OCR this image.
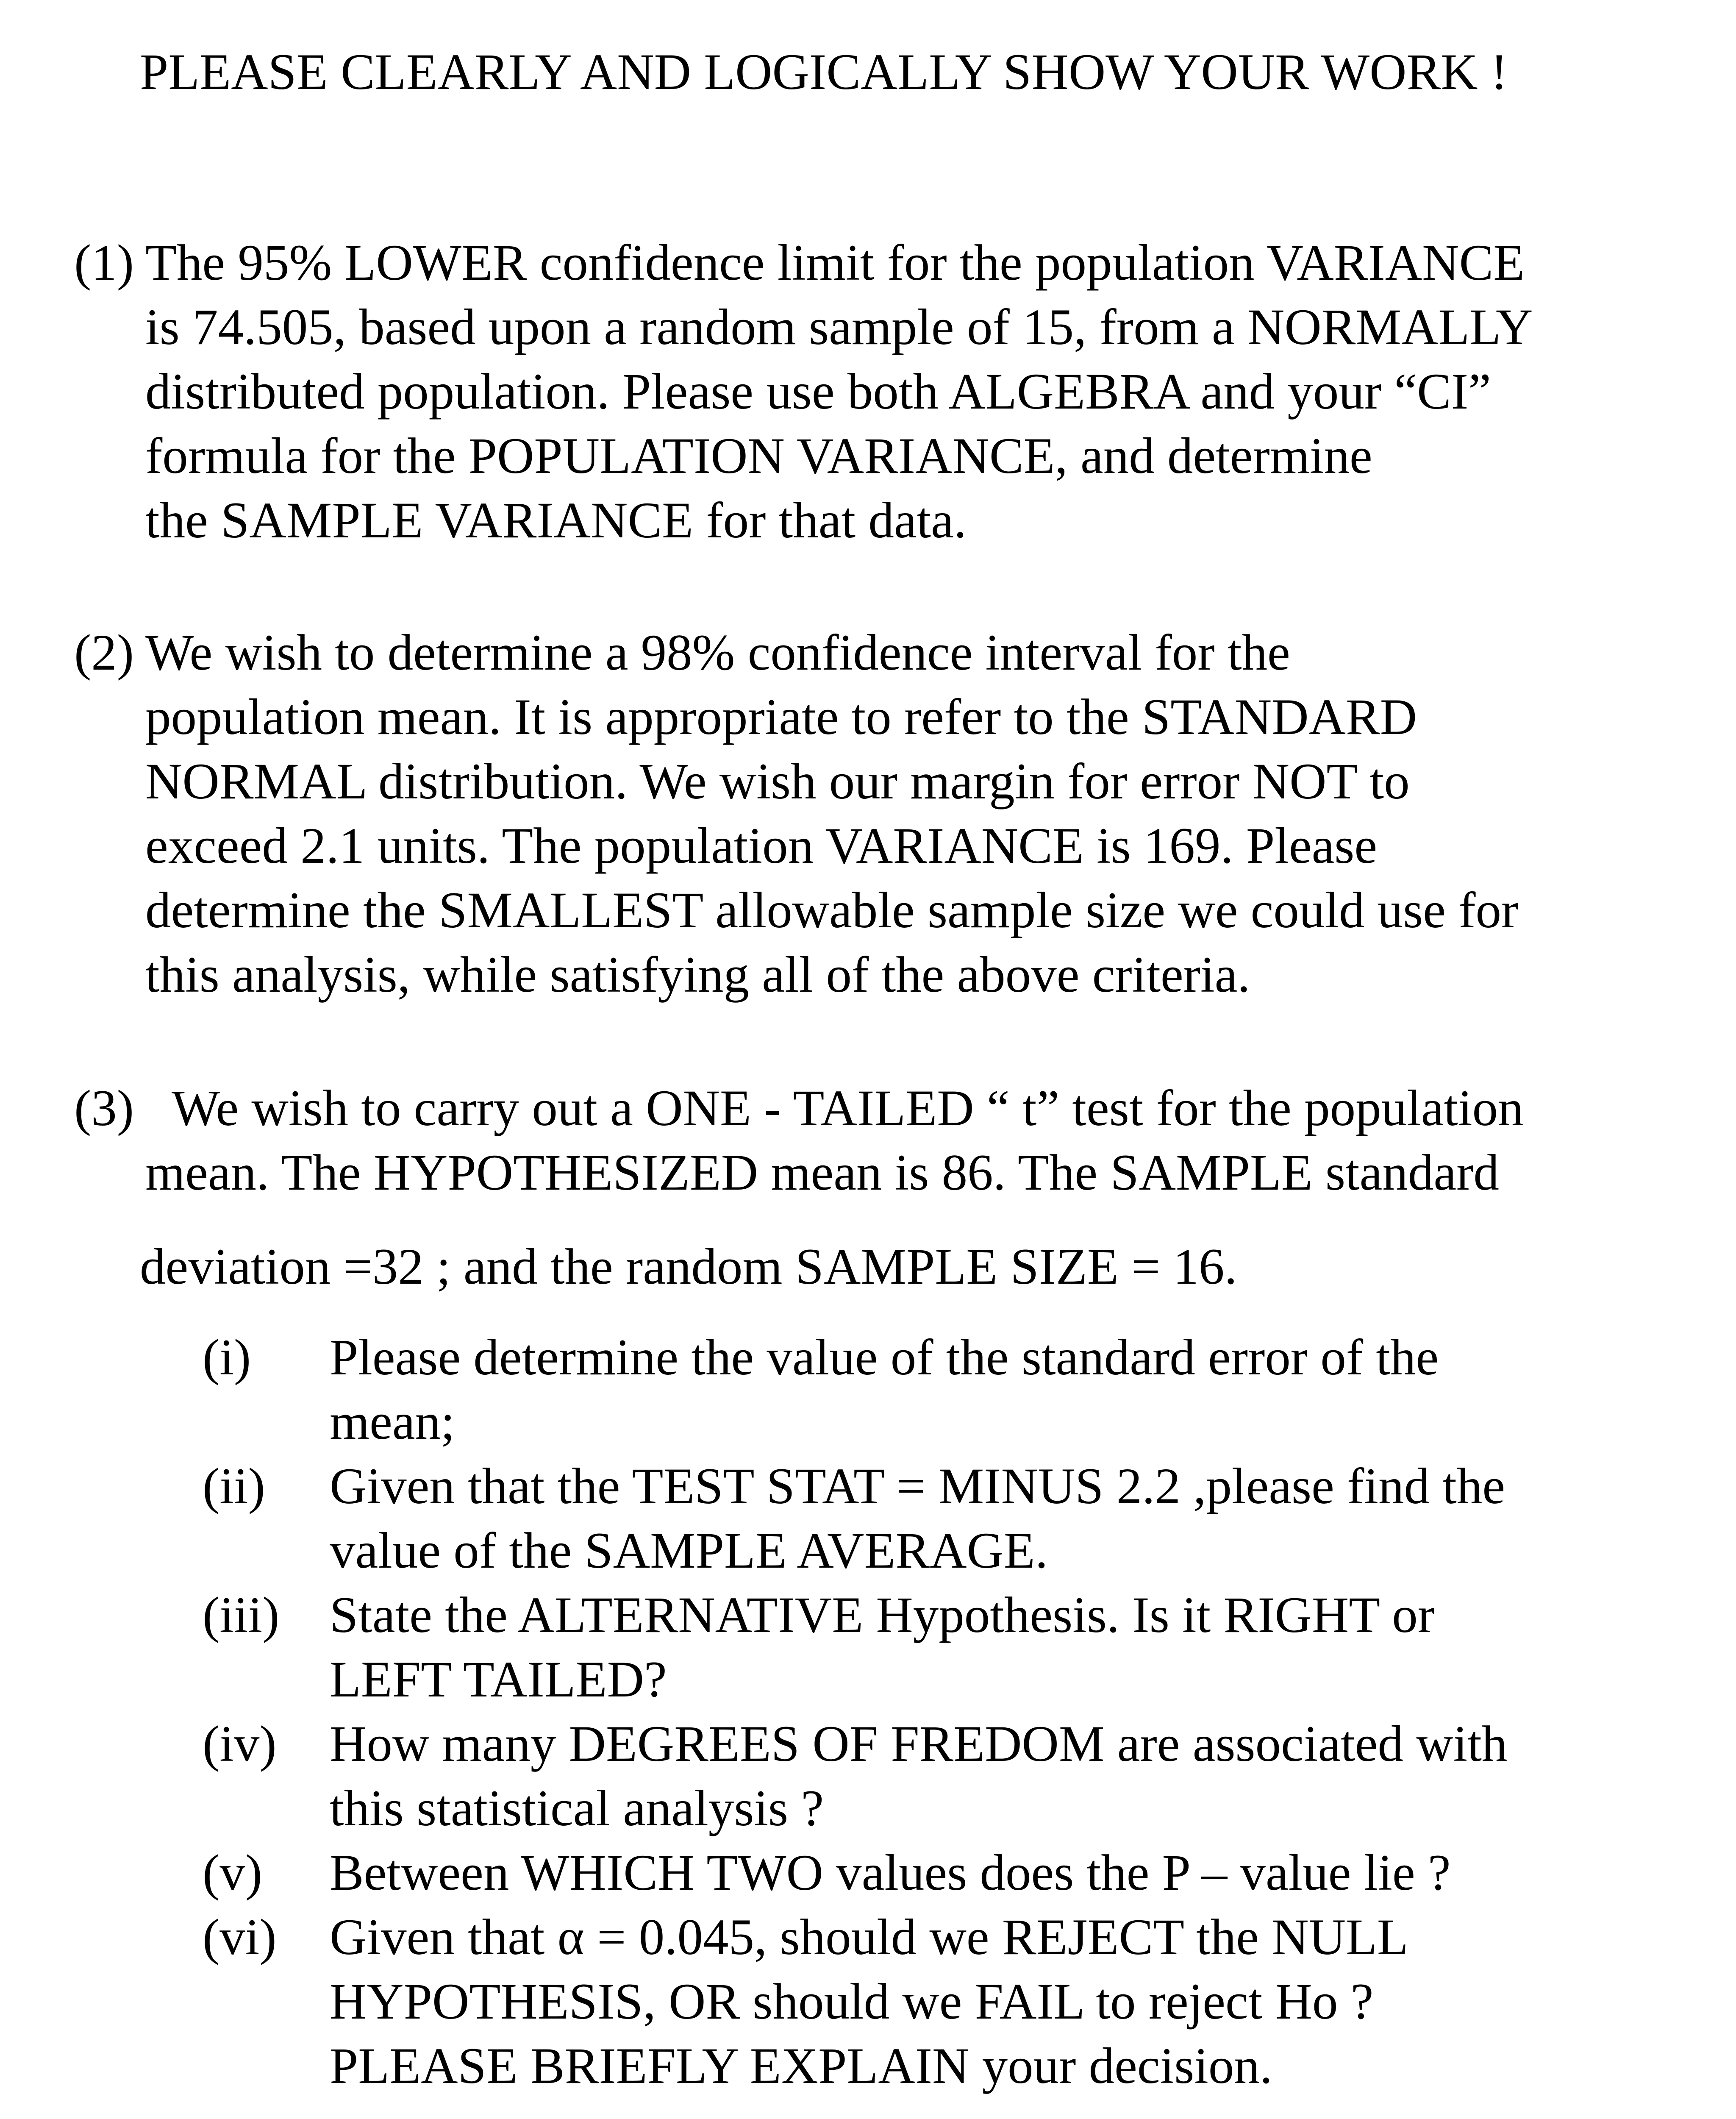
PLEASE CLEARLY AND LOGICALLY SHOW YOUR WORK !
(1) The 95% LOWER confidence limit for the population VARIANCE
is 74.505, based upon a random sample of 15, from a NORMALLY
distributed population. Please use both ALGEBRA and your “CI”
formula for the POPULATION VARIANCE, and determine
the SAMPLE VARIANCE for that data.
(2) We wish to determine a 98% confidence interval for the
population mean. It is appropriate to refer to the STANDARD
NORMAL distribution. We wish our margin for error NOT to
exceed 2.1 units. The population VARIANCE is 169. Please
determine the SMALLEST allowable sample size we could use for
this analysis, while satisfying all of the above criteria.
(3) We wish to carry out a ONE - TAILED “ t” test for the population
mean. The HYPOTHESIZED mean is 86. The SAMPLE standard
deviation =32 ; and the random SAMPLE SIZE = 16.
(i) Please determine the value of the standard error of the
mean;
(ii) Given that the TEST STAT = MINUS 2.2 ,please find the
value of the SAMPLE AVERAGE.
(iii) State the ALTERNATIVE Hypothesis. Is it RIGHT or
LEFT TAILED?
(iv) How many DEGREES OF FREDOM are associated with
this statistical analysis ?
(v) Between WHICH TWO values does the P – value lie ?
(vi) Given that α = 0.045, should we REJECT the NULL
HYPOTHESIS, OR should we FAIL to reject Ho ?
PLEASE BRIEFLY EXPLAIN your decision.
